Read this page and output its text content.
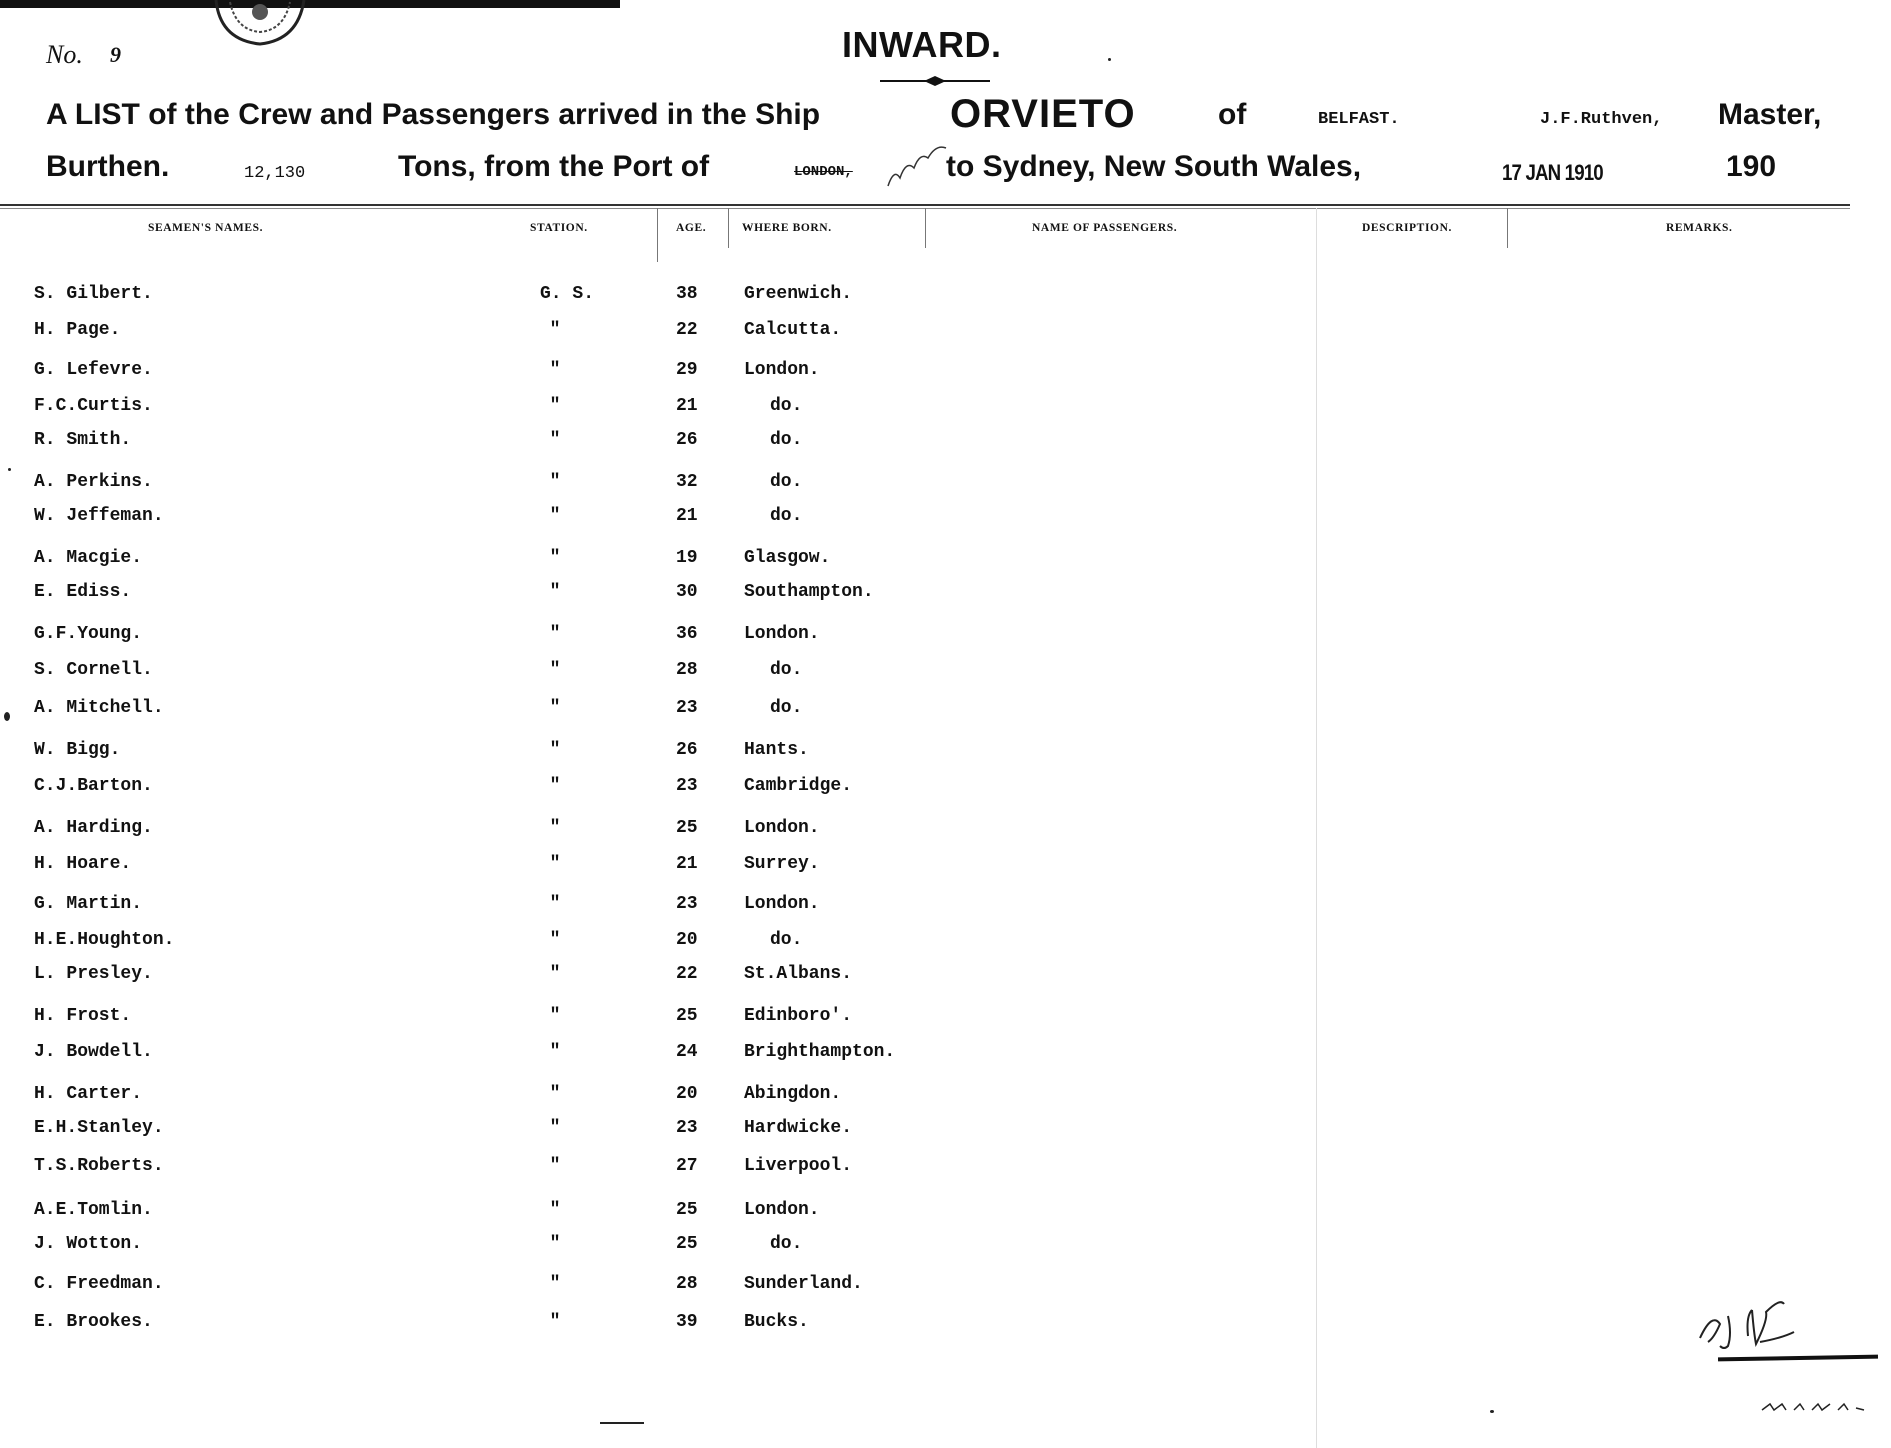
No. 9	INWARD.
A LIST of the Crew and Passengers arrived in the Ship	ORVIETO	of	BELFAST.	J.F.Ruthven, Master,
Burthen.	12,130	Tons, from the Port of	LONDON,	to Sydney, New South Wales,	17 JAN 1910	190
SEAMEN'S NAMES.	STATION.	AGE.	WHERE BORN.	NAME OF PASSENGERS.	DESCRIPTION.	REMARKS.
S. Gilbert.	G. S.	38	Greenwich.
H. Page.	"	22	Calcutta.
G. Lefevre.	"	29	London.
F.C.Curtis.	"	21	do.
R. Smith.	"	26	do.
A. Perkins.	"	32	do.
W. Jeffeman.	"	21	do.
A. Macgie.	"	19	Glasgow.
E. Ediss.	"	30	Southampton.
G.F.Young.	"	36	London.
S. Cornell.	"	28	do.
A. Mitchell.	"	23	do.
W. Bigg.	"	26	Hants.
C.J.Barton.	"	23	Cambridge.
A. Harding.	"	25	London.
H. Hoare.	"	21	Surrey.
G. Martin.	"	23	London.
H.E.Houghton.	"	20	do.
L. Presley.	"	22	St.Albans.
H. Frost.	"	25	Edinboro'.
J. Bowdell.	"	24	Brighthampton.
H. Carter.	"	20	Abingdon.
E.H.Stanley.	"	23	Hardwicke.
T.S.Roberts.	"	27	Liverpool.
A.E.Tomlin.	"	25	London.
J. Wotton.	"	25	do.
C. Freedman.	"	28	Sunderland.
E. Brookes.	"	39	Bucks.
